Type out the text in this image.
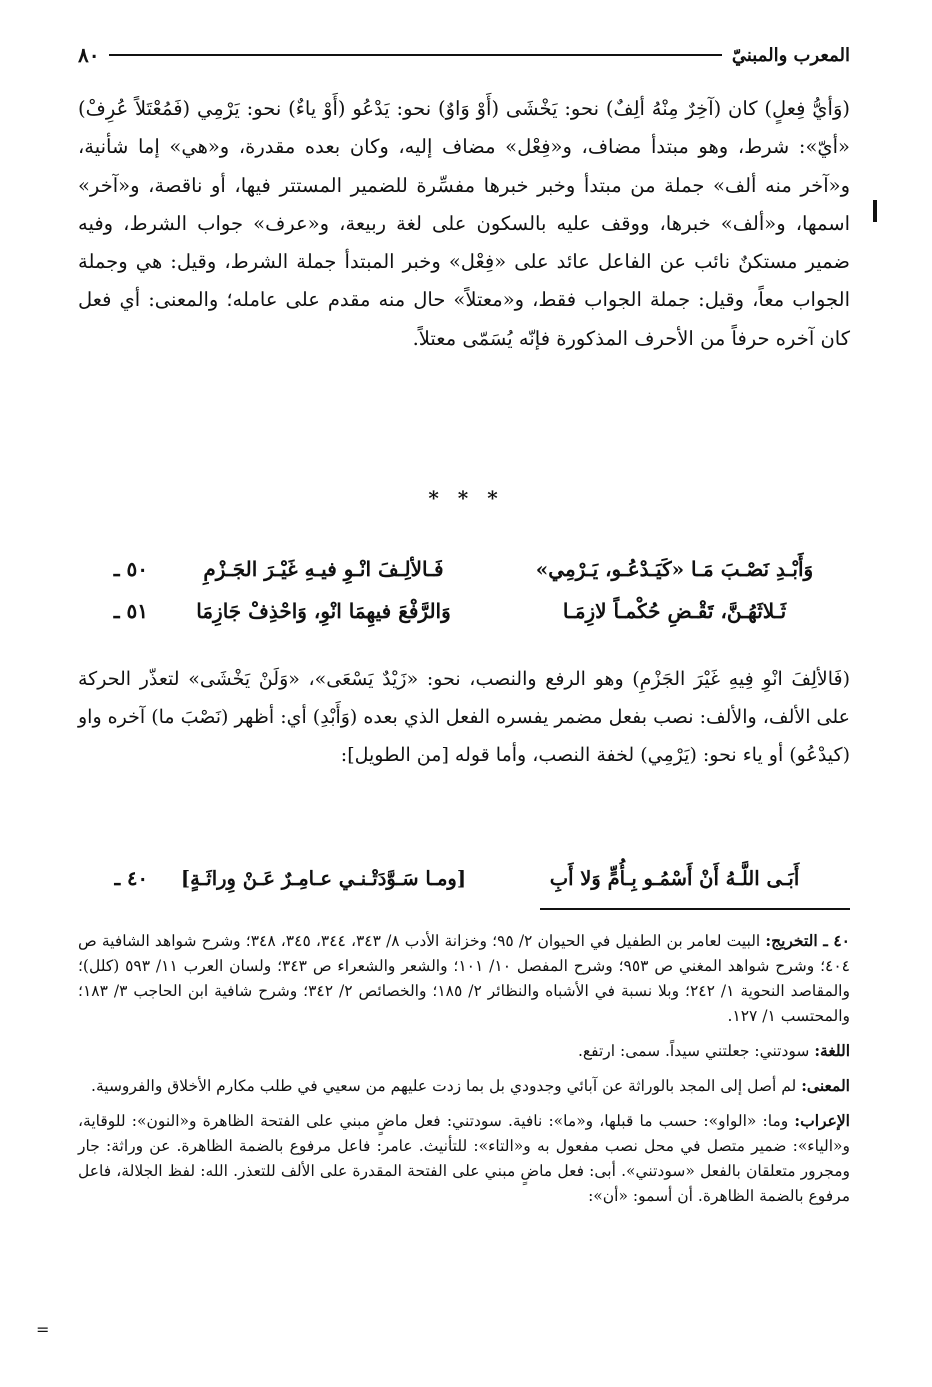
٨٠	المعرب والمبنيّ

(وَأيُّ فِعلٍ) كان (آخِرٌ مِنْهُ ألِفٌ) نحو: يَخْشَى (أَوْ وَاوٌ) نحو: يَدْعُو (أَوْ ياءٌ) نحو: يَرْمِي (فَمُعْتَلاً عُرِفْ) «أيّ»: شرط، وهو مبتدأ مضاف، و«فِعْل» مضاف إليه، وكان بعده مقدرة، و«هي» إما شأنية، و«آخر منه ألف» جملة من مبتدأ وخبر خبرها مفسِّرة للضمير المستتر فيها، أو ناقصة، و«آخر» اسمها، و«ألف» خبرها، ووقف عليه بالسكون على لغة ربيعة، و«عرف» جواب الشرط، وفيه ضمير مستكنٌ نائب عن الفاعل عائد على «فِعْل» وخبر المبتدأ جملة الشرط، وقيل: هي وجملة الجواب معاً، وقيل: جملة الجواب فقط، و«معتلاً» حال منه مقدم على عامله؛ والمعنى: أي فعل كان آخره حرفاً من الأحرف المذكورة فإنّه يُسَمّى معتلاً.

* * *
٥٠ ـ	فَـالألِـفَ انْـوِ فيـهِ غَيْـرَ الجَـزْمِ	وَأَبْـدِ نَصْـبَ مَـا «كَيَـدْعُـو، يَـرْمِي»
٥١ ـ	وَالرَّفْعَ فيهِمَا انْوِ، وَاحْذِفْ جَازِمَا	ثَـلاثَهُـنَّ، تَقْـضِ حُكْمـاً لازِمَـا

(فَالألِفَ انْوِ فِيهِ غَيْرَ الجَزْمِ) وهو الرفع والنصب، نحو: «زَيْدٌ يَسْعَى»، «وَلَنْ يَخْشَى» لتعذّر الحركة على الألف، والألف: نصب بفعل مضمر يفسره الفعل الذي بعده (وَأَبْدِ) أي: أظهر (نَصْبَ ما) آخره واو (كيدْعُو) أو ياء نحو: (يَرْمِي) لخفة النصب، وأما قوله [من الطويل]:

٤٠ ـ	[ومـا سَـوَّدَتْـنـي عـامِـرٌ عَـنْ وِراثَـةٍ]	أَبَـى اللَّـهُ أَنْ أَسْمُـو بِـأُمٍّ وَلا أَبِ

٤٠ ـ التخريج: البيت لعامر بن الطفيل في الحيوان ٢/ ٩٥؛ وخزانة الأدب ٨/ ٣٤٣، ٣٤٤، ٣٤٥، ٣٤٨؛ وشرح شواهد الشافية ص ٤٠٤؛ وشرح شواهد المغني ص ٩٥٣؛ وشرح المفصل ١٠/ ١٠١؛ والشعر والشعراء ص ٣٤٣؛ ولسان العرب ١١/ ٥٩٣ (كلل)؛ والمقاصد النحوية ١/ ٢٤٢؛ وبلا نسبة في الأشباه والنظائر ٢/ ١٨٥؛ والخصائص ٢/ ٣٤٢؛ وشرح شافية ابن الحاجب ٣/ ١٨٣؛ والمحتسب ١/ ١٢٧.

اللغة: سودتني: جعلتني سيداً. سمى: ارتفع.

المعنى: لم أصل إلى المجد بالوراثة عن آبائي وجدودي بل بما زدت عليهم من سعيي في طلب مكارم الأخلاق والفروسية.

الإعراب: وما: «الواو»: حسب ما قبلها، و«ما»: نافية. سودتني: فعل ماضٍ مبني على الفتحة الظاهرة و«النون»: للوقاية، و«الياء»: ضمير متصل في محل نصب مفعول به و«التاء»: للتأنيث. عامر: فاعل مرفوع بالضمة الظاهرة. عن وراثة: جار ومجرور متعلقان بالفعل «سودتني». أبى: فعل ماضٍ مبني على الفتحة المقدرة على الألف للتعذر. الله: لفظ الجلالة، فاعل مرفوع بالضمة الظاهرة. أن أسمو: «أن»:

=
